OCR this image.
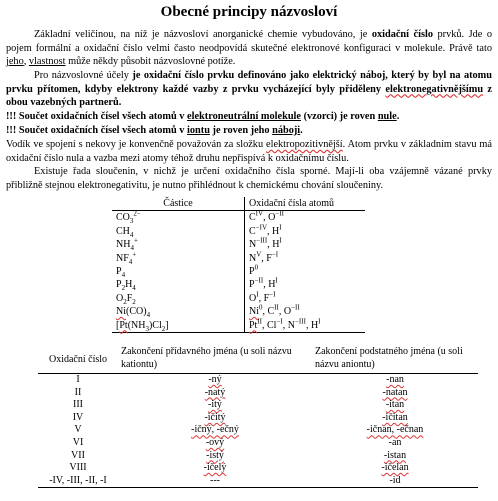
Obecné principy názvosloví
Základní veličinou, na níž je názvosloví anorganické chemie vybudováno, je oxidační číslo prvků. Jde o pojem formální a oxidační číslo velmi často neodpovídá skutečné elektronové konfiguraci v molekule. Právě tato jeho, vlastnost může někdy působit názvoslovné potíže.
Pro názvoslovné účely je oxidační číslo prvku definováno jako elektrický náboj, který by byl na atomu prvku přítomen, kdyby elektrony každé vazby z prvku vycházející byly přiděleny elektronegativnějšímu z obou vazebných partnerů.
!!! Součet oxidačních čísel všech atomů v elektroneutrální molekule (vzorci) je roven nule.
!!! Součet oxidačních čísel všech atomů v iontu je roven jeho náboji.
Vodík ve spojení s nekovy je konvenčně považován za složku elektropozitivnější. Atom prvku v základním stavu má oxidační číslo nula a vazba mezi atomy téhož druhu nepřispívá k oxidačnímu číslu.
Existuje řada sloučenin, v nichž je určení oxidačního čísla sporné. Mají-li oba vzájemně vázané prvky přibližně stejnou elektronegativitu, je nutno přihlédnout k chemickému chování sloučeniny.
Částice	Oxidační čísla atomů
$CO_3^{2-}$	$C^{IV}$, $O^{-II}$
$CH_4$	$C^{-IV}$, $H^I$
$NH_4^+$	$N^{-III}$, $H^I$
$NF_4^+$	$N^V$, $F^{-I}$
$P_4$	$P^0$
$P_2H_4$	$P^{-II}$, $H^I$
$O_2F_2$	$O^I$, $F^{-I}$
$Ni(CO)_4$	Ni$^0$, $C^{II}$, $O^{-II}$
$[Pt(NH_3)Cl_2]$	$Pt^{II}$, $Cl^{-I}$, $N^{-III}$, $H^I$
Oxidační číslo	Zakončení přídavného jména (u soli názvu kationtu)	Zakončení podstatného jména (u soli názvu aniontu)
I	-ný	-nan
II	-natý	-natan
III	-itý	-itan
IV	-ičitý	-ičitan
V	-ičný, -ečný	-ičnan, -ečnan
VI	-ový	-an
VII	-istý	-istan
VIII	-ičelý	-ičelan
-IV, -III, -II, -I	---	-id
